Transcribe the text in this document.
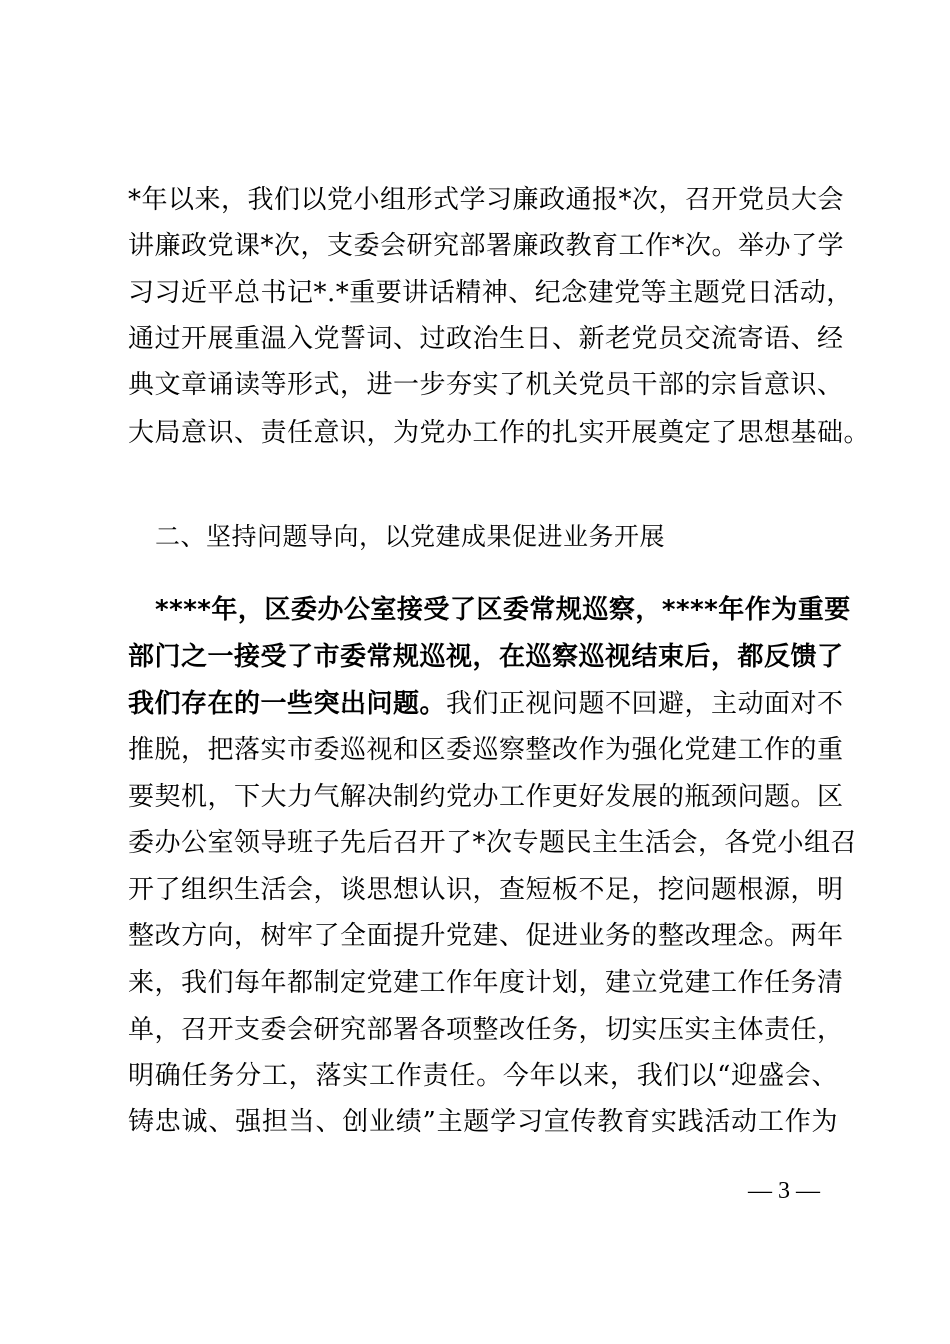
*年以来，我们以党小组形式学习廉政通报*次，召开党员大会
讲廉政党课*次，支委会研究部署廉政教育工作*次。举办了学
习习近平总书记*.*重要讲话精神、纪念建党等主题党日活动，
通过开展重温入党誓词、过政治生日、新老党员交流寄语、经
典文章诵读等形式，进一步夯实了机关党员干部的宗旨意识、
大局意识、责任意识，为党办工作的扎实开展奠定了思想基础。
二、坚持问题导向，以党建成果促进业务开展
****年，区委办公室接受了区委常规巡察，****年作为重要
部门之一接受了市委常规巡视，在巡察巡视结束后，都反馈了
我们存在的一些突出问题。我们正视问题不回避，主动面对不
推脱，把落实市委巡视和区委巡察整改作为强化党建工作的重
要契机，下大力气解决制约党办工作更好发展的瓶颈问题。区
委办公室领导班子先后召开了*次专题民主生活会，各党小组召
开了组织生活会，谈思想认识，查短板不足，挖问题根源，明
整改方向，树牢了全面提升党建、促进业务的整改理念。两年
来，我们每年都制定党建工作年度计划，建立党建工作任务清
单，召开支委会研究部署各项整改任务，切实压实主体责任，
明确任务分工，落实工作责任。今年以来，我们以“迎盛会、
铸忠诚、强担当、创业绩”主题学习宣传教育实践活动工作为
— 3 —
